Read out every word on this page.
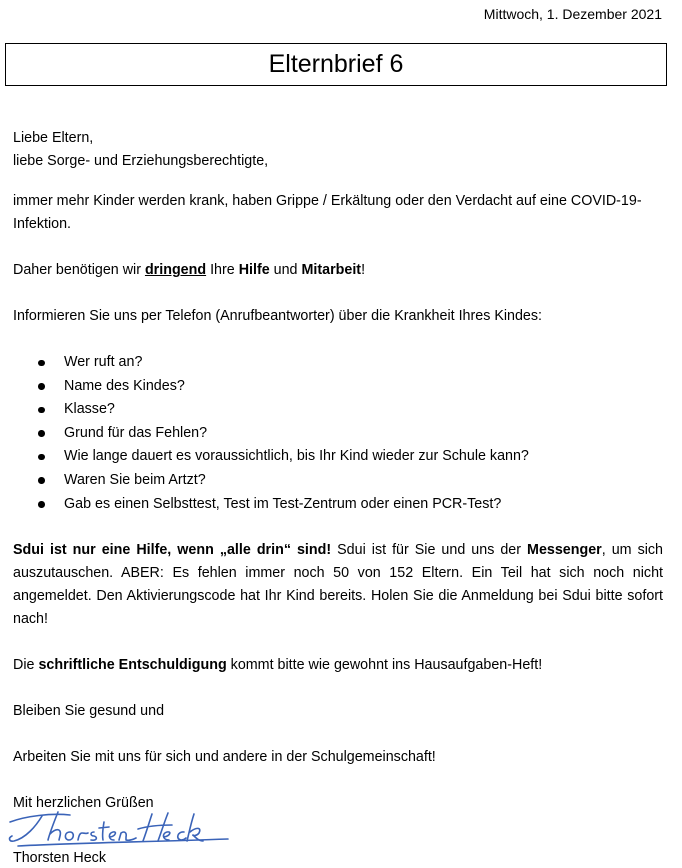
Mittwoch, 1. Dezember 2021
Elternbrief 6

Liebe Eltern,

liebe Sorge- und Erziehungsberechtigte,

immer mehr Kinder werden krank, haben Grippe / Erkältung oder den Verdacht auf eine COVID-19-Infektion.

Daher benötigen wir dringend Ihre Hilfe und Mitarbeit!

Informieren Sie uns per Telefon (Anrufbeantworter) über die Krankheit Ihres Kindes:

Wer ruft an?
Name des Kindes?
Klasse?
Grund für das Fehlen?
Wie lange dauert es voraussichtlich, bis Ihr Kind wieder zur Schule kann?
Waren Sie beim Artzt?
Gab es einen Selbsttest, Test im Test-Zentrum oder einen PCR-Test?

Sdui ist nur eine Hilfe, wenn „alle drin“ sind! Sdui ist für Sie und uns der Messenger, um sich auszutauschen. ABER: Es fehlen immer noch 50 von 152 Eltern. Ein Teil hat sich noch nicht angemeldet. Den Aktivierungscode hat Ihr Kind bereits. Holen Sie die Anmeldung bei Sdui bitte sofort nach!

Die schriftliche Entschuldigung kommt bitte wie gewohnt ins Hausaufgaben-Heft!

Bleiben Sie gesund und

Arbeiten Sie mit uns für sich und andere in der Schulgemeinschaft!

Mit herzlichen Grüßen

Thorsten Heck
